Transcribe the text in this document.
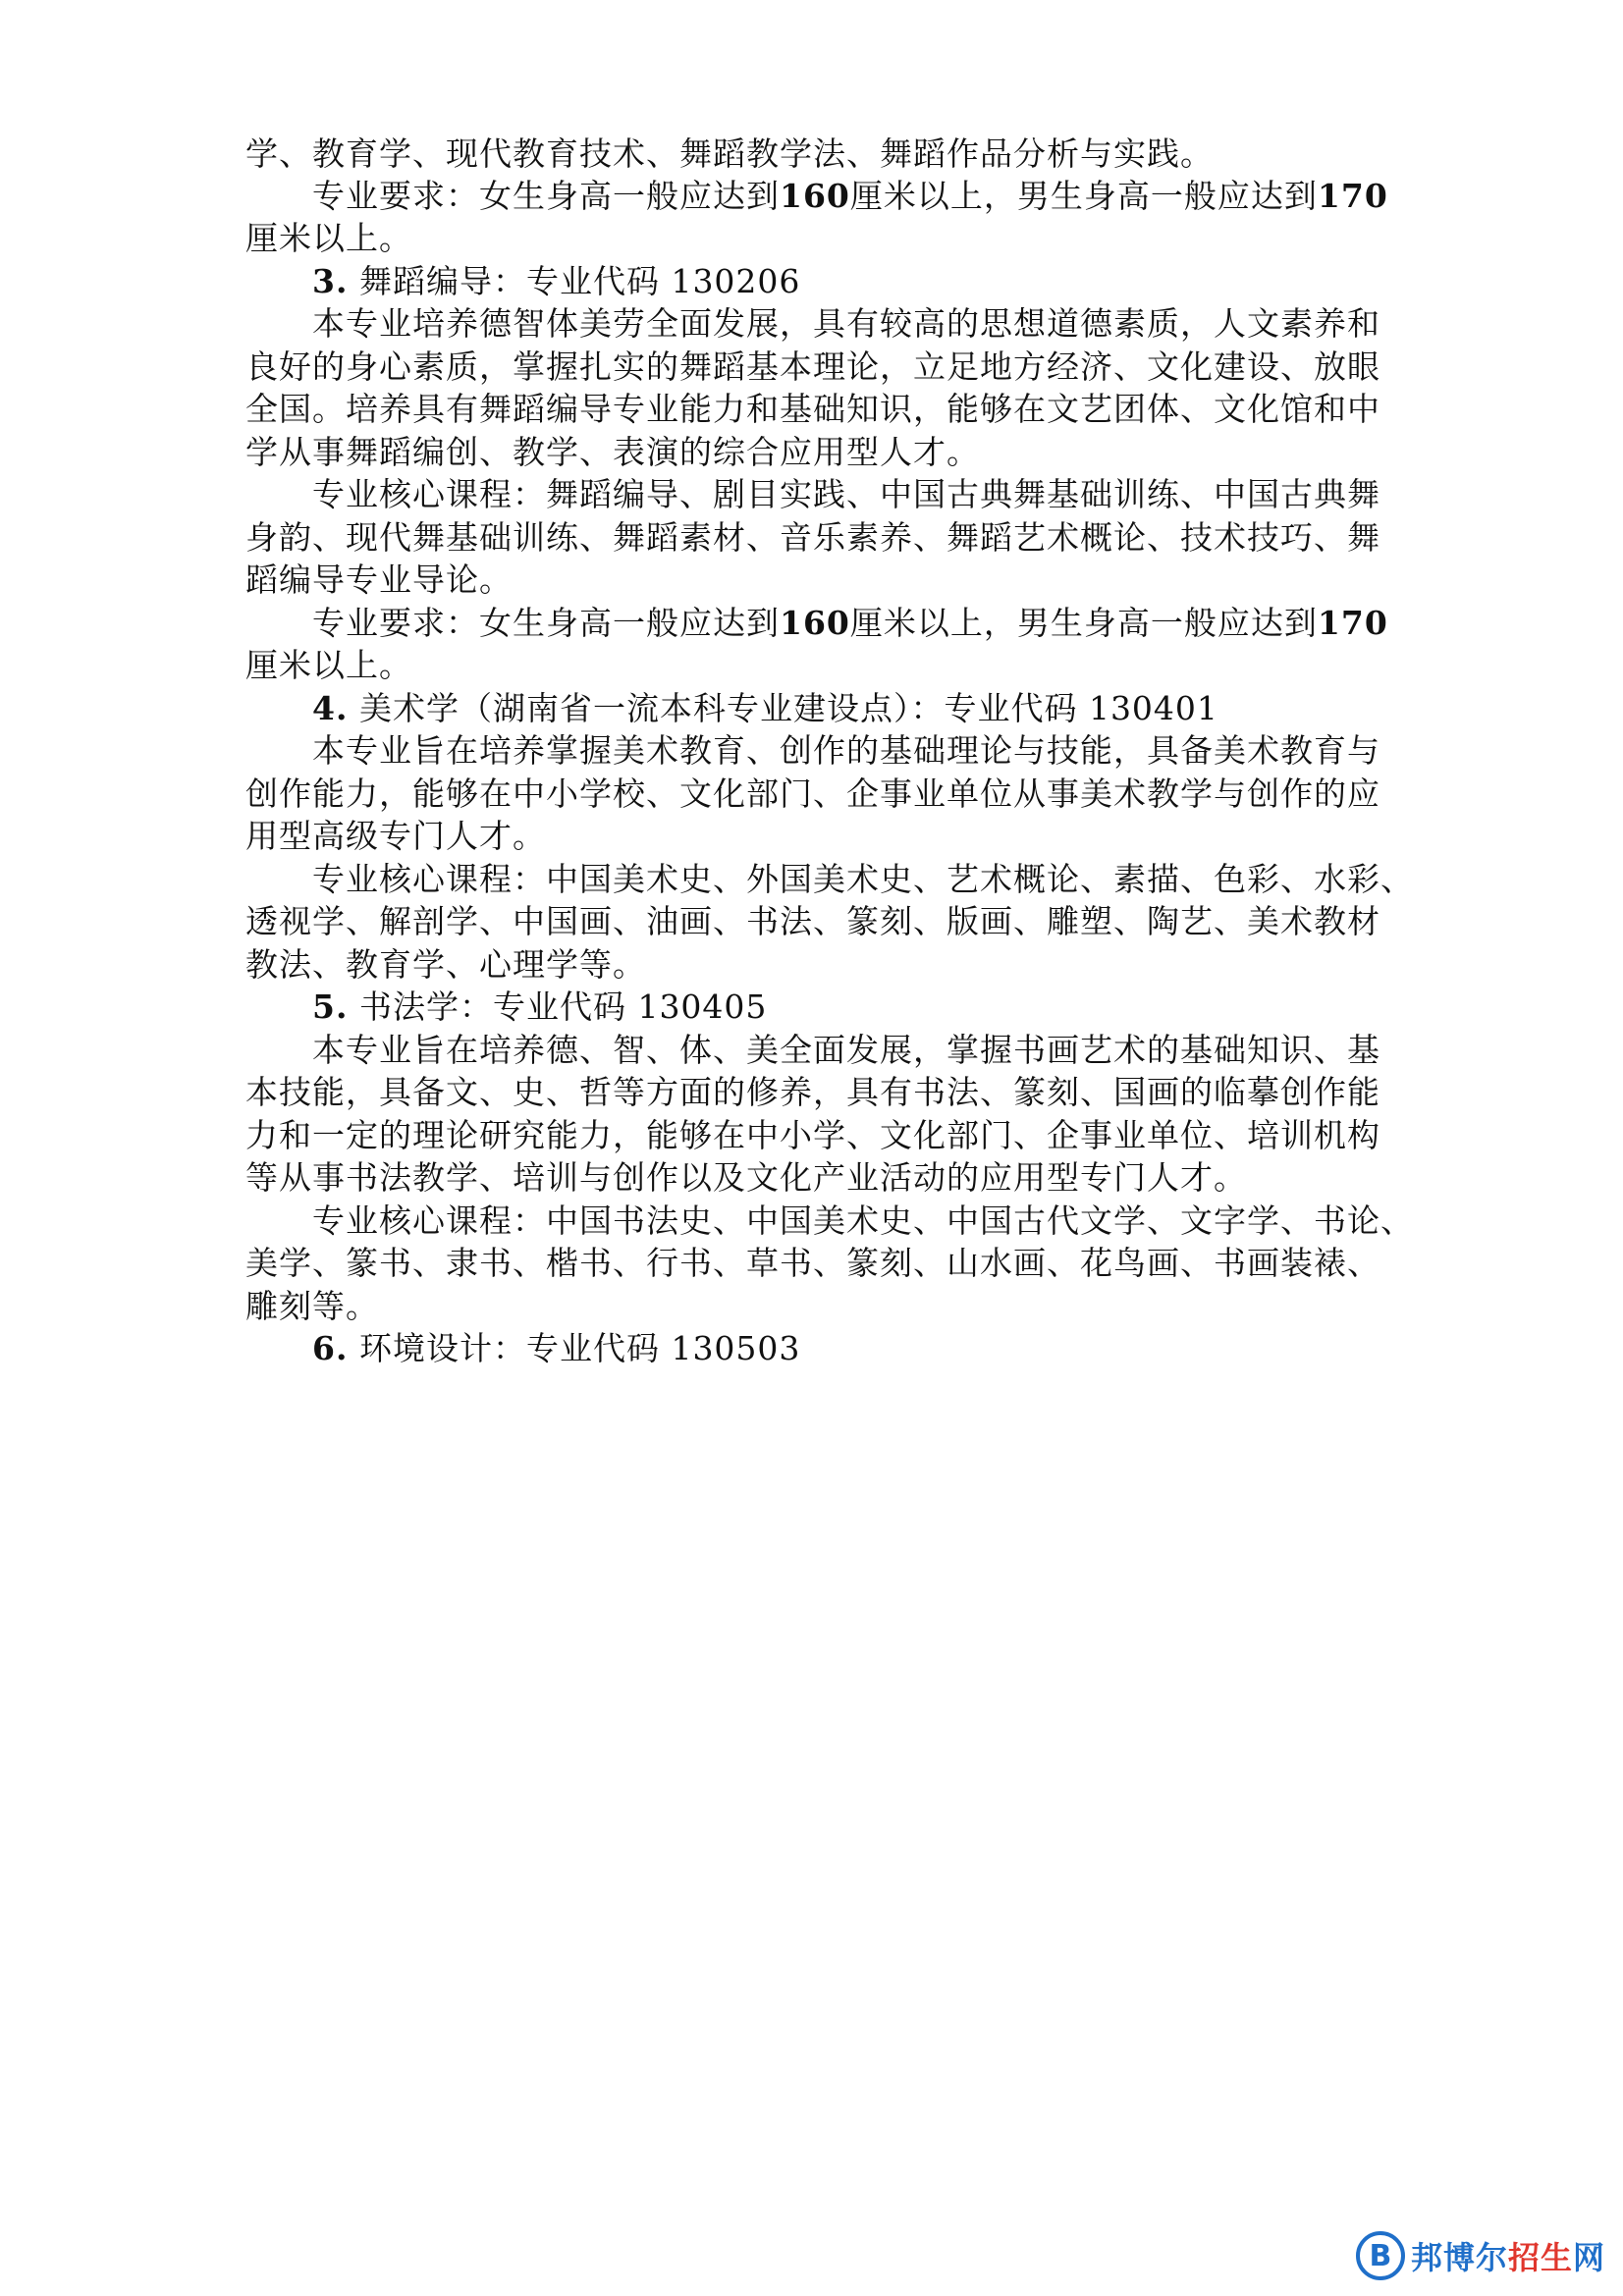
学、教育学、现代教育技术、舞蹈教学法、舞蹈作品分析与实践。
专业要求：女生身高一般应达到160厘米以上，男生身高一般应达到170
厘米以上。
3. 舞蹈编导：专业代码 130206
本专业培养德智体美劳全面发展，具有较高的思想道德素质，人文素养和
良好的身心素质，掌握扎实的舞蹈基本理论，立足地方经济、文化建设、放眼
全国。培养具有舞蹈编导专业能力和基础知识，能够在文艺团体、文化馆和中
学从事舞蹈编创、教学、表演的综合应用型人才。
专业核心课程：舞蹈编导、剧目实践、中国古典舞基础训练、中国古典舞
身韵、现代舞基础训练、舞蹈素材、音乐素养、舞蹈艺术概论、技术技巧、舞
蹈编导专业导论。
专业要求：女生身高一般应达到160厘米以上，男生身高一般应达到170
厘米以上。
4. 美术学（湖南省一流本科专业建设点）：专业代码 130401
本专业旨在培养掌握美术教育、创作的基础理论与技能，具备美术教育与
创作能力，能够在中小学校、文化部门、企事业单位从事美术教学与创作的应
用型高级专门人才。
专业核心课程：中国美术史、外国美术史、艺术概论、素描、色彩、水彩、
透视学、解剖学、中国画、油画、书法、篆刻、版画、雕塑、陶艺、美术教材
教法、教育学、心理学等。
5. 书法学：专业代码 130405
本专业旨在培养德、智、体、美全面发展，掌握书画艺术的基础知识、基
本技能，具备文、史、哲等方面的修养，具有书法、篆刻、国画的临摹创作能
力和一定的理论研究能力，能够在中小学、文化部门、企事业单位、培训机构
等从事书法教学、培训与创作以及文化产业活动的应用型专门人才。
专业核心课程：中国书法史、中国美术史、中国古代文学、文字学、书论、
美学、篆书、隶书、楷书、行书、草书、篆刻、山水画、花鸟画、书画装裱、
雕刻等。
6. 环境设计：专业代码 130503
B 邦博尔招生网
